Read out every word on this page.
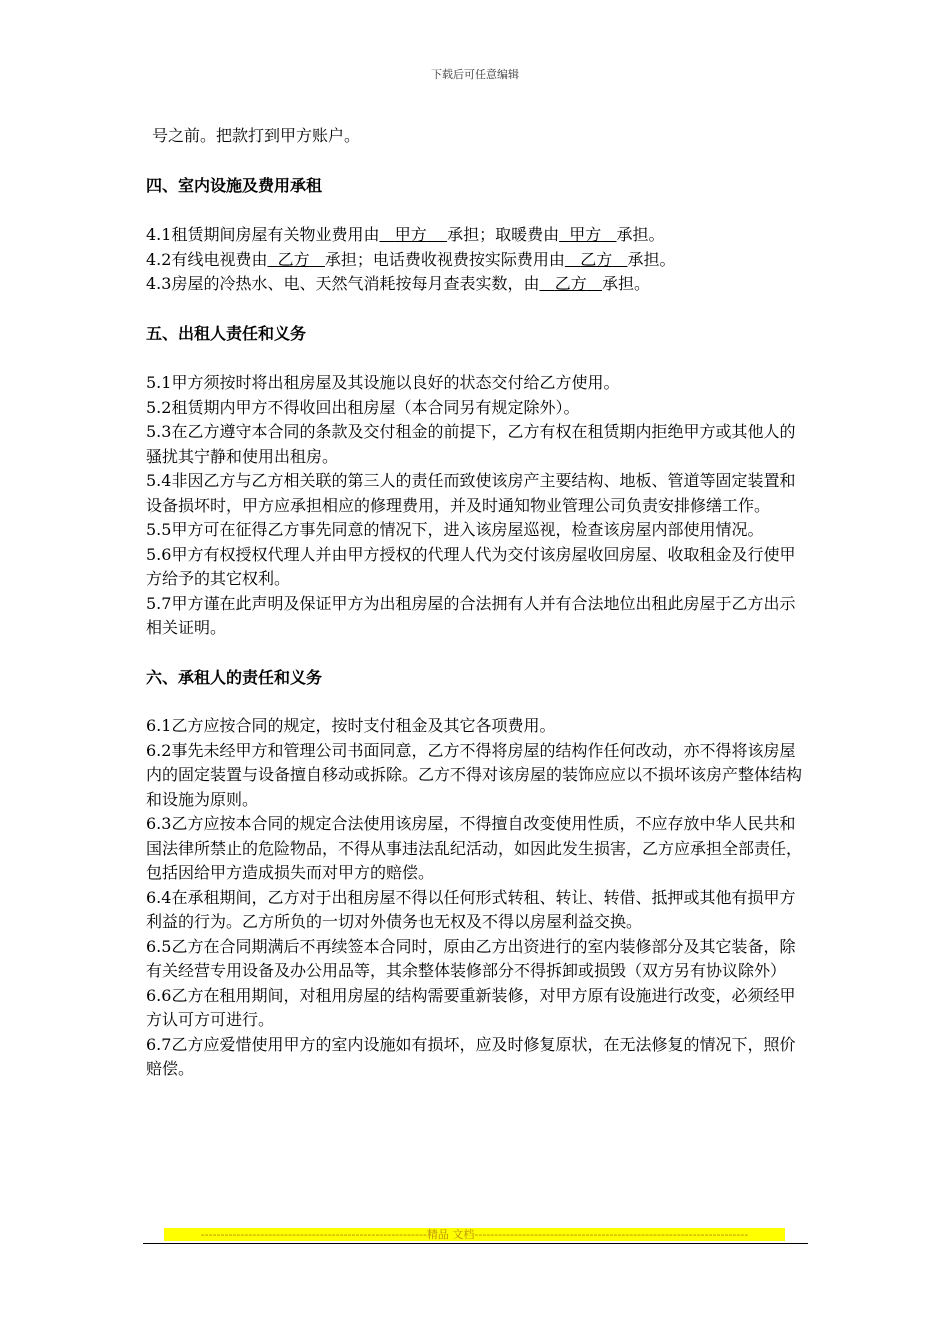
下载后可任意编辑

号之前。把款打到甲方账户。

四、室内设施及费用承租

4.1租赁期间房屋有关物业费用由 甲方 承担；取暖费由 甲方 承担。

4.2有线电视费由 乙方 承担；电话费收视费按实际费用由 乙方 承担。

4.3房屋的冷热水、电、天然气消耗按每月查表实数，由 乙方 承担。

五、出租人责任和义务

5.1甲方须按时将出租房屋及其设施以良好的状态交付给乙方使用。

5.2租赁期内甲方不得收回出租房屋（本合同另有规定除外）。

5.3在乙方遵守本合同的条款及交付租金的前提下，乙方有权在租赁期内拒绝甲方或其他人的骚扰其宁静和使用出租房。

5.4非因乙方与乙方相关联的第三人的责任而致使该房产主要结构、地板、管道等固定装置和设备损坏时，甲方应承担相应的修理费用，并及时通知物业管理公司负责安排修缮工作。

5.5甲方可在征得乙方事先同意的情况下，进入该房屋巡视，检查该房屋内部使用情况。

5.6甲方有权授权代理人并由甲方授权的代理人代为交付该房屋收回房屋、收取租金及行使甲方给予的其它权利。

5.7甲方谨在此声明及保证甲方为出租房屋的合法拥有人并有合法地位出租此房屋于乙方出示相关证明。

六、承租人的责任和义务

6.1乙方应按合同的规定，按时支付租金及其它各项费用。

6.2事先未经甲方和管理公司书面同意，乙方不得将房屋的结构作任何改动，亦不得将该房屋内的固定装置与设备擅自移动或拆除。乙方不得对该房屋的装饰应应以不损坏该房产整体结构和设施为原则。

6.3乙方应按本合同的规定合法使用该房屋，不得擅自改变使用性质，不应存放中华人民共和国法律所禁止的危险物品，不得从事违法乱纪活动，如因此发生损害，乙方应承担全部责任，包括因给甲方造成损失而对甲方的赔偿。

6.4在承租期间，乙方对于出租房屋不得以任何形式转租、转让、转借、抵押或其他有损甲方利益的行为。乙方所负的一切对外债务也无权及不得以房屋利益交换。

6.5乙方在合同期满后不再续签本合同时，原由乙方出资进行的室内装修部分及其它装备，除有关经营专用设备及办公用品等，其余整体装修部分不得拆卸或损毁（双方另有协议除外）

6.6乙方在租用期间，对租用房屋的结构需要重新装修，对甲方原有设施进行改变，必须经甲方认可方可进行。

6.7乙方应爱惜使用甲方的室内设施如有损坏，应及时修复原状，在无法修复的情况下，照价赔偿。

---------------------------------------------------------精品 文档---------------------------------------------------------------------
